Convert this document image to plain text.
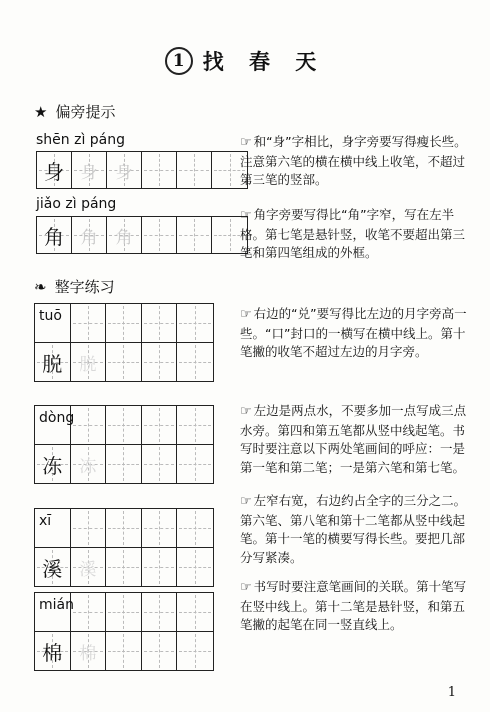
1 找 春 天
★ 偏旁提示
shēn zì páng
身 身 身
☞ 和“身”字相比，身字旁要写得瘦长些。注意第六笔的横在横中线上收笔，不超过第三笔的竖部。
jiǎo zì páng
角 角 角
☞ 角字旁要写得比“角”字窄，写在左半格。第七笔是悬针竖，收笔不要超出第三笔和第四笔组成的外框。
❧ 整字练习
tuō
脱 脱
☞ 右边的“兑”要写得比左边的月字旁高一些。“口”封口的一横写在横中线上。第十笔撇的收笔不超过左边的月字旁。
dòng
冻 冻
☞ 左边是两点水，不要多加一点写成三点水旁。第四和第五笔都从竖中线起笔。书写时要注意以下两处笔画间的呼应：一是第一笔和第二笔；一是第六笔和第七笔。
xī
溪 溪
☞ 左窄右宽，右边约占全字的三分之二。第六笔、第八笔和第十二笔都从竖中线起笔。第十一笔的横要写得长些。要把几部分写紧凑。
mián
棉 棉
☞ 书写时要注意笔画间的关联。第十笔写在竖中线上。第十二笔是悬针竖，和第五笔撇的起笔在同一竖直线上。
1
